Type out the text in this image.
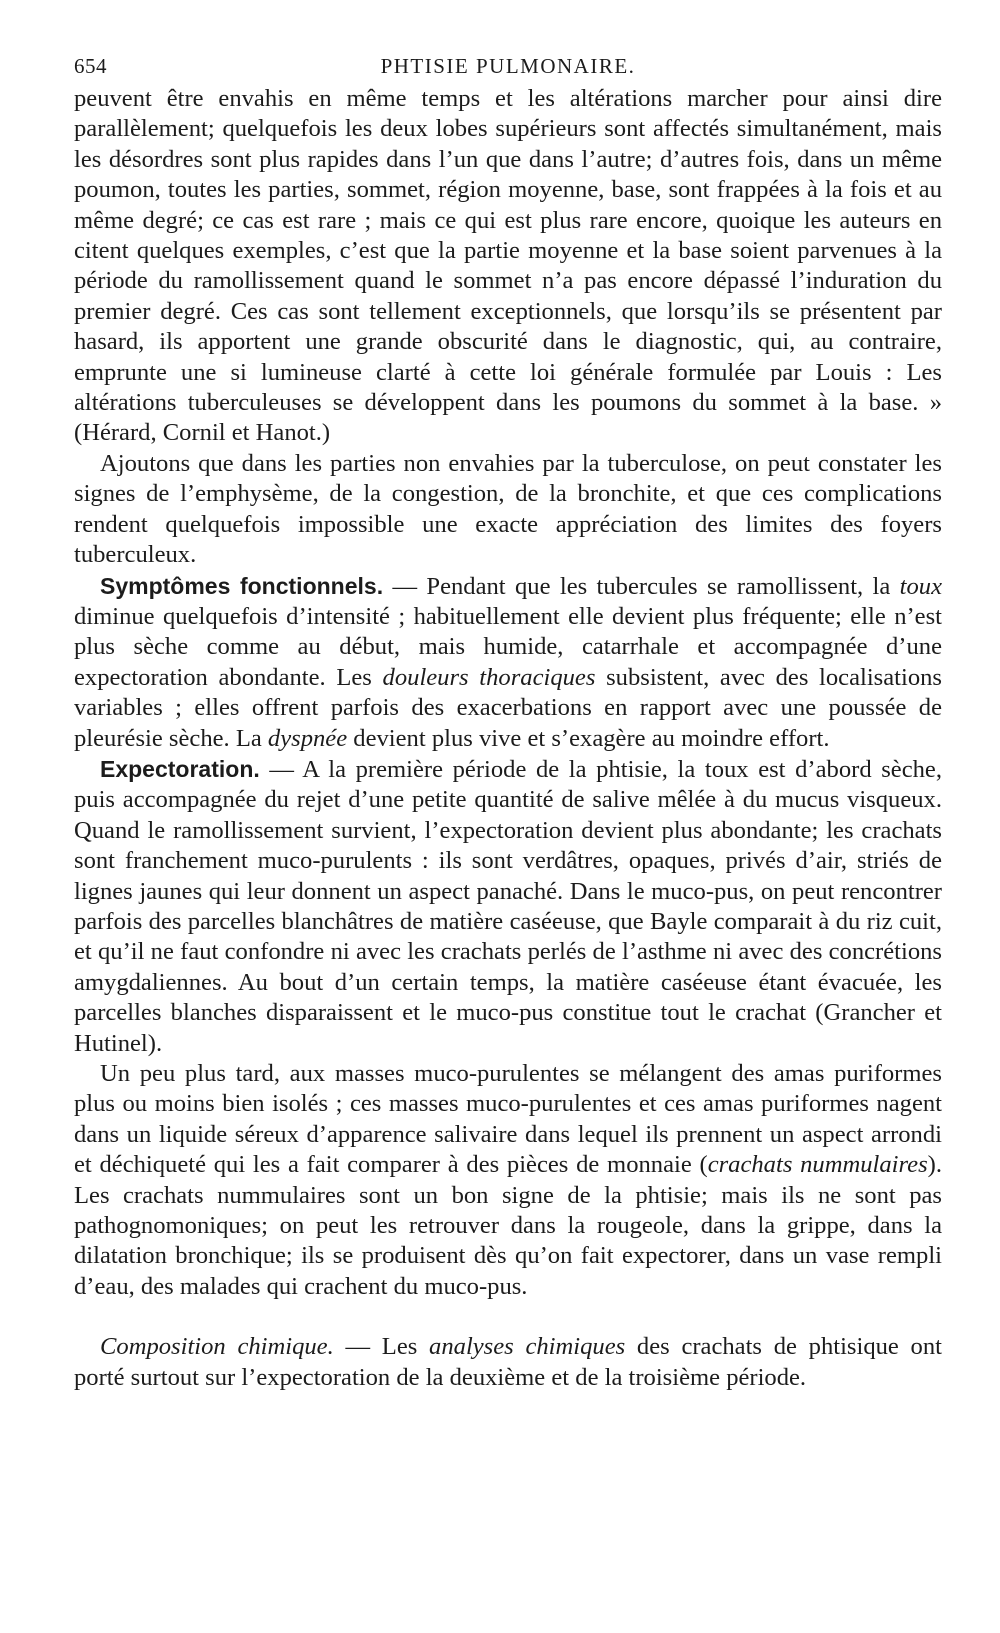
654	PHTISIE PULMONAIRE.

peuvent être envahis en même temps et les altérations marcher pour ainsi dire parallèlement; quelquefois les deux lobes supérieurs sont affectés simultanément, mais les désordres sont plus rapides dans l’un que dans l’autre; d’autres fois, dans un même poumon, toutes les parties, sommet, région moyenne, base, sont frappées à la fois et au même degré; ce cas est rare ; mais ce qui est plus rare encore, quoique les auteurs en citent quelques exemples, c’est que la partie moyenne et la base soient parvenues à la période du ramollissement quand le sommet n’a pas encore dépassé l’induration du premier degré. Ces cas sont tellement exceptionnels, que lorsqu’ils se présentent par hasard, ils apportent une grande obscurité dans le diagnostic, qui, au contraire, emprunte une si lumineuse clarté à cette loi générale formulée par Louis : Les altérations tuberculeuses se développent dans les poumons du sommet à la base. » (Hérard, Cornil et Hanot.)

Ajoutons que dans les parties non envahies par la tuberculose, on peut constater les signes de l’emphysème, de la congestion, de la bronchite, et que ces complications rendent quelquefois impossible une exacte appréciation des limites des foyers tuberculeux.

Symptômes fonctionnels. — Pendant que les tubercules se ramollissent, la toux diminue quelquefois d’intensité ; habituellement elle devient plus fréquente; elle n’est plus sèche comme au début, mais humide, catarrhale et accompagnée d’une expectoration abondante. Les douleurs thoraciques subsistent, avec des localisations variables ; elles offrent parfois des exacerbations en rapport avec une poussée de pleurésie sèche. La dyspnée devient plus vive et s’exagère au moindre effort.

Expectoration. — A la première période de la phtisie, la toux est d’abord sèche, puis accompagnée du rejet d’une petite quantité de salive mêlée à du mucus visqueux. Quand le ramollissement survient, l’expectoration devient plus abondante; les crachats sont franchement muco-purulents : ils sont verdâtres, opaques, privés d’air, striés de lignes jaunes qui leur donnent un aspect panaché. Dans le muco-pus, on peut rencontrer parfois des parcelles blanchâtres de matière caséeuse, que Bayle comparait à du riz cuit, et qu’il ne faut confondre ni avec les crachats perlés de l’asthme ni avec des concrétions amygdaliennes. Au bout d’un certain temps, la matière caséeuse étant évacuée, les parcelles blanches disparaissent et le muco-pus constitue tout le crachat (Grancher et Hutinel).

Un peu plus tard, aux masses muco-purulentes se mélangent des amas puriformes plus ou moins bien isolés ; ces masses muco-purulentes et ces amas puriformes nagent dans un liquide séreux d’apparence salivaire dans lequel ils prennent un aspect arrondi et déchiqueté qui les a fait comparer à des pièces de monnaie (crachats nummulaires). Les crachats nummulaires sont un bon signe de la phtisie; mais ils ne sont pas pathognomoniques; on peut les retrouver dans la rougeole, dans la grippe, dans la dilatation bronchique; ils se produisent dès qu’on fait expectorer, dans un vase rempli d’eau, des malades qui crachent du muco-pus.

Composition chimique. — Les analyses chimiques des crachats de phtisique ont porté surtout sur l’expectoration de la deuxième et de la troisième période.
